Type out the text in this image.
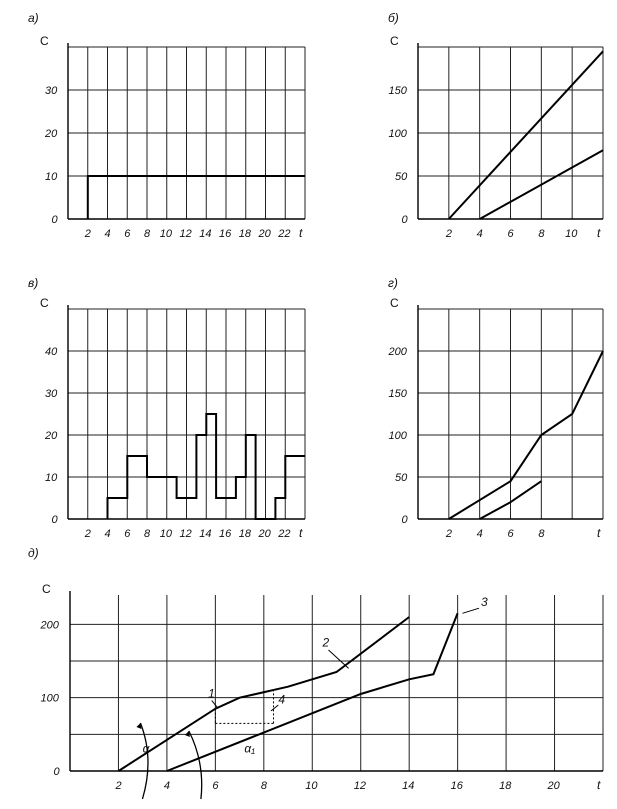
а)
C
t
2 4 6 8 10 12 14 16 18 20 22
0
10
20
30
б)
C
t
2 4 6 8 10
0
50
100
150
в)
C
t
2 4 6 8 10 12 14 16 18 20 22
0
10
20
30
40
г)
C
t
2 4 6 8
0
50
100
150
200
д)
C
t
2	4	6	8	10	12	14	16	18	20
0
100
200
2
3
1	4
α	α₁
